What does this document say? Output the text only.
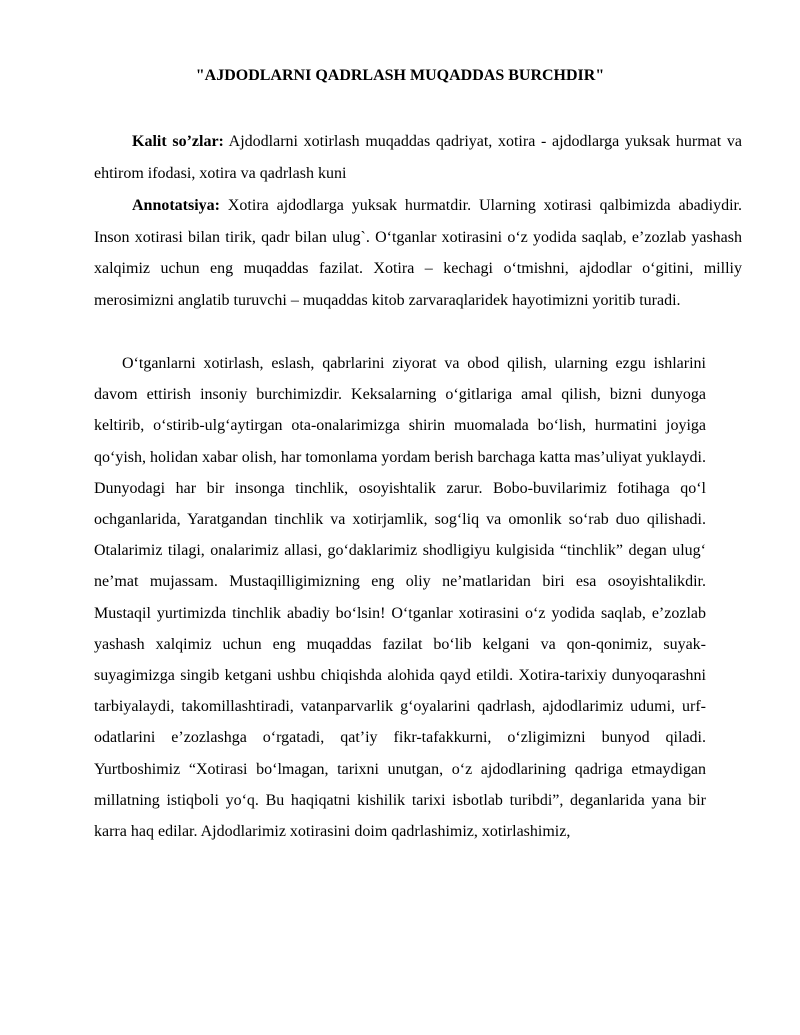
"AJDODLARNI QADRLASH MUQADDAS BURCHDIR"

Kalit so’zlar: Ajdodlarni xotirlash muqaddas qadriyat, xotira - ajdodlarga yuksak hurmat va ehtirom ifodasi, xotira va qadrlash kuni

Annotatsiya: Xotira ajdodlarga yuksak hurmatdir. Ularning xotirasi qalbimizda abadiydir. Inson xotirasi bilan tirik, qadr bilan ulug`. O‘tganlar xotirasini o‘z yodida saqlab, e’zozlab yashash xalqimiz uchun eng muqaddas fazilat. Xotira – kechagi o‘tmishni, ajdodlar o‘gitini, milliy merosimizni anglatib turuvchi – muqaddas kitob zarvaraqlaridek hayotimizni yoritib turadi.

O‘tganlarni xotirlash, eslash, qabrlarini ziyorat va obod qilish, ularning ezgu ishlarini davom ettirish insoniy burchimizdir. Keksalarning o‘gitlariga amal qilish, bizni dunyoga keltirib, o‘stirib-ulg‘aytirgan ota-onalarimizga shirin muomalada bo‘lish, hurmatini joyiga qo‘yish, holidan xabar olish, har tomonlama yordam berish barchaga katta mas’uliyat yuklaydi. Dunyodagi har bir insonga tinchlik, osoyishtalik zarur. Bobo-buvilarimiz fotihaga qo‘l ochganlarida, Yaratgandan tinchlik va xotirjamlik, sog‘liq va omonlik so‘rab duo qilishadi. Otalarimiz tilagi, onalarimiz allasi, go‘daklarimiz shodligiyu kulgisida “tinchlik” degan ulug‘ ne’mat mujassam. Mustaqilligimizning eng oliy ne’matlaridan biri esa osoyishtalikdir. Mustaqil yurtimizda tinchlik abadiy bo‘lsin! O‘tganlar xotirasini o‘z yodida saqlab, e’zozlab yashash xalqimiz uchun eng muqaddas fazilat bo‘lib kelgani va qon-qonimiz, suyak-suyagimizga singib ketgani ushbu chiqishda alohida qayd etildi. Xotira-tarixiy dunyoqarashni tarbiyalaydi, takomillashtiradi, vatanparvarlik g‘oyalarini qadrlash, ajdodlarimiz udumi, urf-odatlarini e’zozlashga o‘rgatadi, qat’iy fikr-tafakkurni, o‘zligimizni bunyod qiladi. Yurtboshimiz “Xotirasi bo‘lmagan, tarixni unutgan, o‘z ajdodlarining qadriga etmaydigan millatning istiqboli yo‘q. Bu haqiqatni kishilik tarixi isbotlab turibdi”, deganlarida yana bir karra haq edilar. Ajdodlarimiz xotirasini doim qadrlashimiz, xotirlashimiz,
